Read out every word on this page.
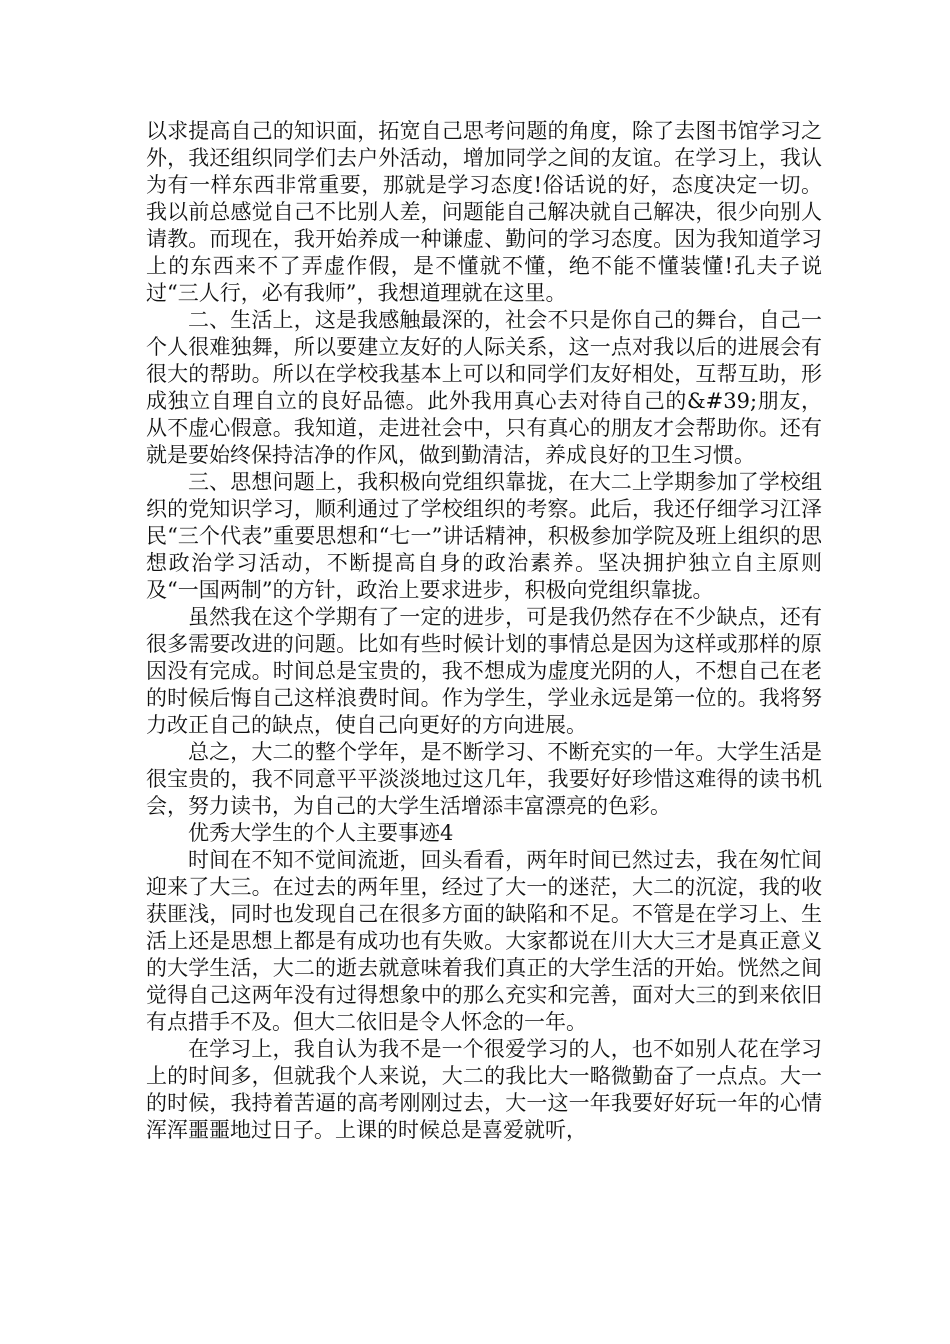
以求提高自己的知识面，拓宽自己思考问题的角度，除了去图书馆学习之外，我还组织同学们去户外活动，增加同学之间的友谊。在学习上，我认为有一样东西非常重要，那就是学习态度!俗话说的好，态度决定一切。我以前总感觉自己不比别人差，问题能自己解决就自己解决，很少向别人请教。而现在，我开始养成一种谦虚、勤问的学习态度。因为我知道学习上的东西来不了弄虚作假，是不懂就不懂，绝不能不懂装懂!孔夫子说过“三人行，必有我师”，我想道理就在这里。

二、生活上，这是我感触最深的，社会不只是你自己的舞台，自己一个人很难独舞，所以要建立友好的人际关系，这一点对我以后的进展会有很大的帮助。所以在学校我基本上可以和同学们友好相处，互帮互助，形成独立自理自立的良好品德。此外我用真心去对待自己的&#39;朋友，从不虚心假意。我知道，走进社会中，只有真心的朋友才会帮助你。还有就是要始终保持洁净的作风，做到勤清洁，养成良好的卫生习惯。

三、思想问题上，我积极向党组织靠拢，在大二上学期参加了学校组织的党知识学习，顺利通过了学校组织的考察。此后，我还仔细学习江泽民“三个代表”重要思想和“七一”讲话精神，积极参加学院及班上组织的思想政治学习活动，不断提高自身的政治素养。坚决拥护独立自主原则及“一国两制”的方针，政治上要求进步，积极向党组织靠拢。

虽然我在这个学期有了一定的进步，可是我仍然存在不少缺点，还有很多需要改进的问题。比如有些时候计划的事情总是因为这样或那样的原因没有完成。时间总是宝贵的，我不想成为虚度光阴的人，不想自己在老的时候后悔自己这样浪费时间。作为学生，学业永远是第一位的。我将努力改正自己的缺点，使自己向更好的方向进展。

总之，大二的整个学年，是不断学习、不断充实的一年。大学生活是很宝贵的，我不同意平平淡淡地过这几年，我要好好珍惜这难得的读书机会，努力读书，为自己的大学生活增添丰富漂亮的色彩。

优秀大学生的个人主要事迹4

时间在不知不觉间流逝，回头看看，两年时间已然过去，我在匆忙间迎来了大三。在过去的两年里，经过了大一的迷茫，大二的沉淀，我的收获匪浅，同时也发现自己在很多方面的缺陷和不足。不管是在学习上、生活上还是思想上都是有成功也有失败。大家都说在川大大三才是真正意义的大学生活，大二的逝去就意味着我们真正的大学生活的开始。恍然之间觉得自己这两年没有过得想象中的那么充实和完善，面对大三的到来依旧有点措手不及。但大二依旧是令人怀念的一年。

在学习上，我自认为我不是一个很爱学习的人，也不如别人花在学习上的时间多，但就我个人来说，大二的我比大一略微勤奋了一点点。大一的时候，我持着苦逼的高考刚刚过去，大一这一年我要好好玩一年的心情浑浑噩噩地过日子。上课的时候总是喜爱就听，
